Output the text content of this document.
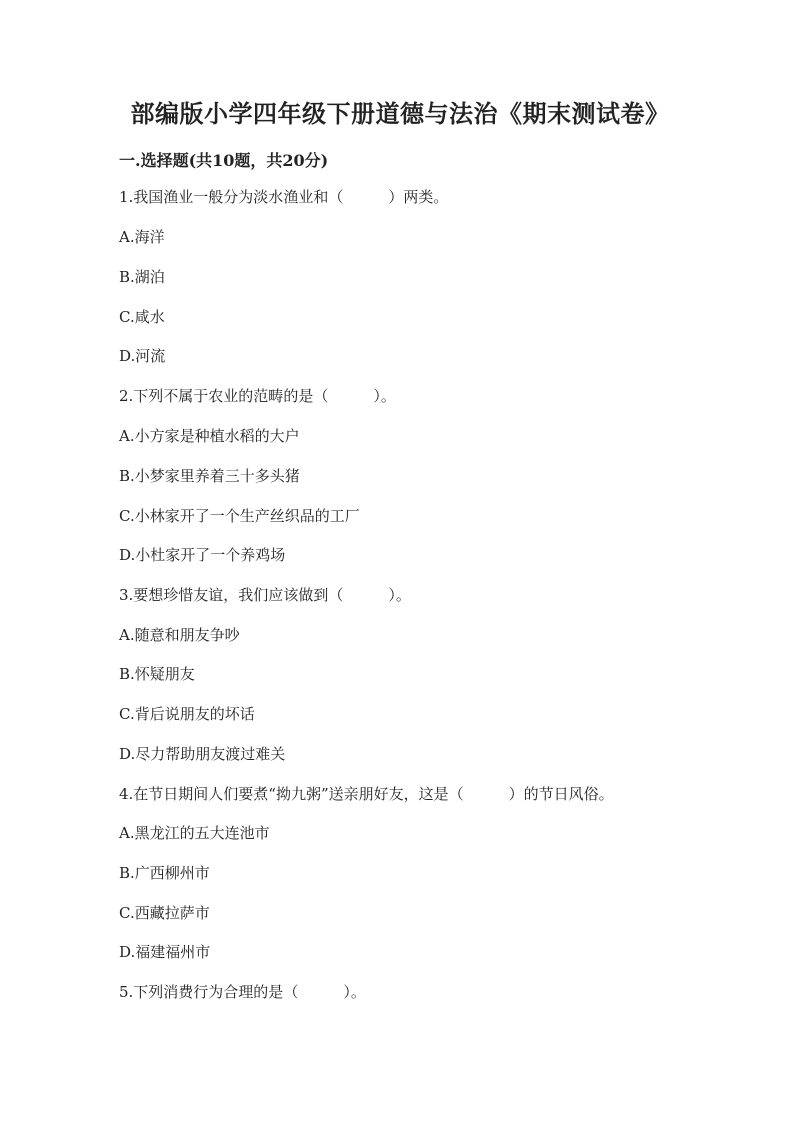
部编版小学四年级下册道德与法治《期末测试卷》
一.选择题(共10题，共20分)
1.我国渔业一般分为淡水渔业和（　　　）两类。
A.海洋
B.湖泊
C.咸水
D.河流
2.下列不属于农业的范畴的是（　　　）。
A.小方家是种植水稻的大户
B.小梦家里养着三十多头猪
C.小林家开了一个生产丝织品的工厂
D.小杜家开了一个养鸡场
3.要想珍惜友谊，我们应该做到（　　　）。
A.随意和朋友争吵
B.怀疑朋友
C.背后说朋友的坏话
D.尽力帮助朋友渡过难关
4.在节日期间人们要煮“拗九粥”送亲朋好友，这是（　　　）的节日风俗。
A.黑龙江的五大连池市
B.广西柳州市
C.西藏拉萨市
D.福建福州市
5.下列消费行为合理的是（　　　）。
